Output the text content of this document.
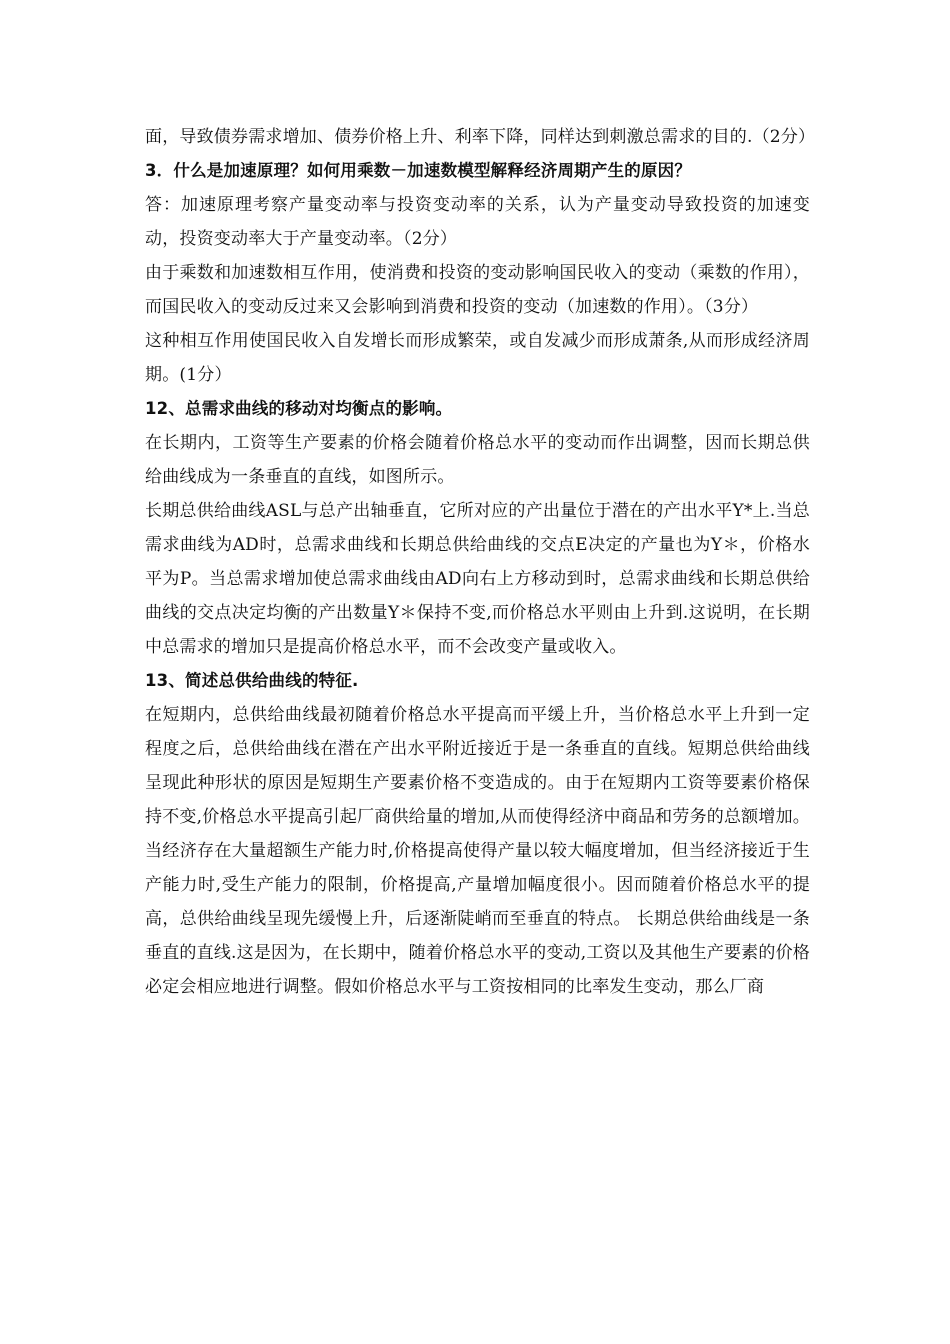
面，导致债券需求增加、债券价格上升、利率下降，同样达到刺激总需求的目的.（2分）

3．什么是加速原理？如何用乘数－加速数模型解释经济周期产生的原因？

答：加速原理考察产量变动率与投资变动率的关系，认为产量变动导致投资的加速变动，投资变动率大于产量变动率。（2分）

由于乘数和加速数相互作用，使消费和投资的变动影响国民收入的变动（乘数的作用），而国民收入的变动反过来又会影响到消费和投资的变动（加速数的作用）。（3分）

这种相互作用使国民收入自发增长而形成繁荣，或自发减少而形成萧条,从而形成经济周期。(1分）

12、总需求曲线的移动对均衡点的影响。

在长期内，工资等生产要素的价格会随着价格总水平的变动而作出调整，因而长期总供给曲线成为一条垂直的直线，如图所示。

长期总供给曲线ASL与总产出轴垂直，它所对应的产出量位于潜在的产出水平Y*上.当总需求曲线为AD时，总需求曲线和长期总供给曲线的交点E决定的产量也为Y＊，价格水平为P。当总需求增加使总需求曲线由AD向右上方移动到时，总需求曲线和长期总供给曲线的交点决定均衡的产出数量Y＊保持不变,而价格总水平则由上升到.这说明，在长期中总需求的增加只是提高价格总水平，而不会改变产量或收入。

13、简述总供给曲线的特征.

在短期内，总供给曲线最初随着价格总水平提高而平缓上升，当价格总水平上升到一定程度之后，总供给曲线在潜在产出水平附近接近于是一条垂直的直线。短期总供给曲线呈现此种形状的原因是短期生产要素价格不变造成的。由于在短期内工资等要素价格保持不变,价格总水平提高引起厂商供给量的增加,从而使得经济中商品和劳务的总额增加。当经济存在大量超额生产能力时,价格提高使得产量以较大幅度增加，但当经济接近于生产能力时,受生产能力的限制，价格提高,产量增加幅度很小。因而随着价格总水平的提高，总供给曲线呈现先缓慢上升，后逐渐陡峭而至垂直的特点。 长期总供给曲线是一条垂直的直线.这是因为，在长期中，随着价格总水平的变动,工资以及其他生产要素的价格必定会相应地进行调整。假如价格总水平与工资按相同的比率发生变动，那么厂商
